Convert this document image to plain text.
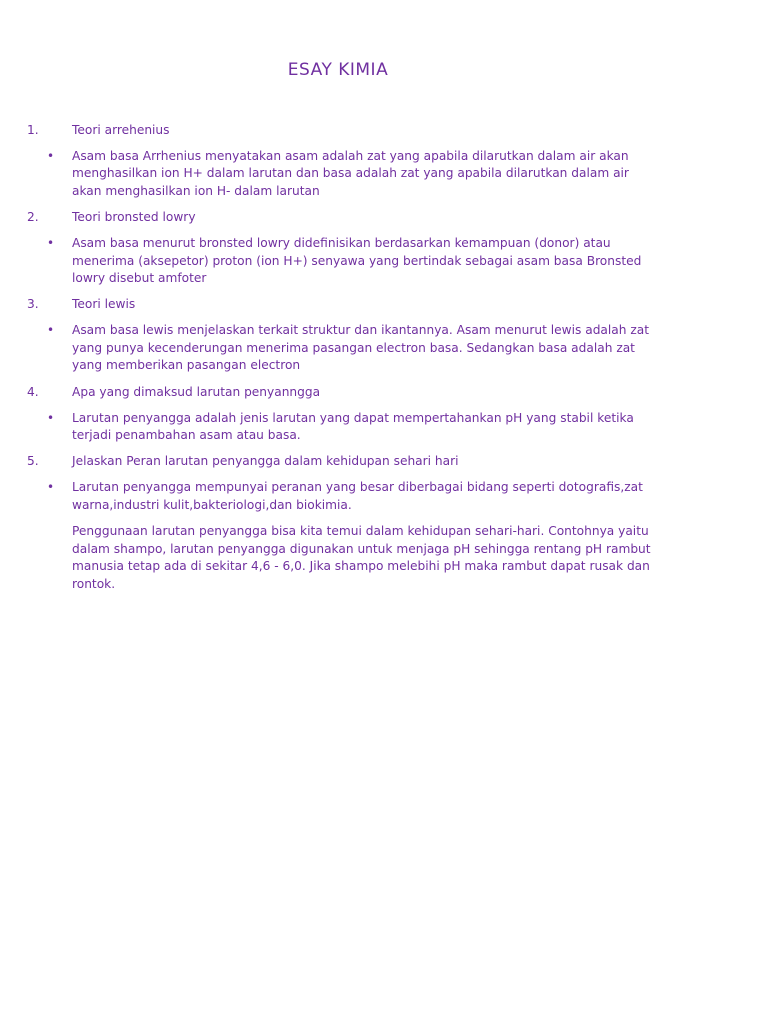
ESAY KIMIA
1.	Teori arrehenius
• Asam basa Arrhenius menyatakan asam adalah zat yang apabila dilarutkan dalam air akan menghasilkan ion H+ dalam larutan dan basa adalah zat yang apabila dilarutkan dalam air akan menghasilkan ion H- dalam larutan
2.	Teori bronsted lowry
• Asam basa menurut bronsted lowry didefinisikan berdasarkan kemampuan (donor) atau menerima (aksepetor) proton (ion H+) senyawa yang bertindak sebagai asam basa Bronsted lowry disebut amfoter
3.	Teori lewis
• Asam basa lewis menjelaskan terkait struktur dan ikantannya. Asam menurut lewis adalah zat yang punya kecenderungan menerima pasangan electron basa. Sedangkan basa adalah zat yang memberikan pasangan electron
4.	Apa yang dimaksud larutan penyanngga
• Larutan penyangga adalah jenis larutan yang dapat mempertahankan pH yang stabil ketika terjadi penambahan asam atau basa.
5.	Jelaskan Peran larutan penyangga dalam kehidupan sehari hari
• Larutan penyangga mempunyai peranan yang besar diberbagai bidang seperti dotografis,zat warna,industri kulit,bakteriologi,dan biokimia.

Penggunaan larutan penyangga bisa kita temui dalam kehidupan sehari-hari. Contohnya yaitu dalam shampo, larutan penyangga digunakan untuk menjaga pH sehingga rentang pH rambut manusia tetap ada di sekitar 4,6 - 6,0. Jika shampo melebihi pH maka rambut dapat rusak dan rontok.
